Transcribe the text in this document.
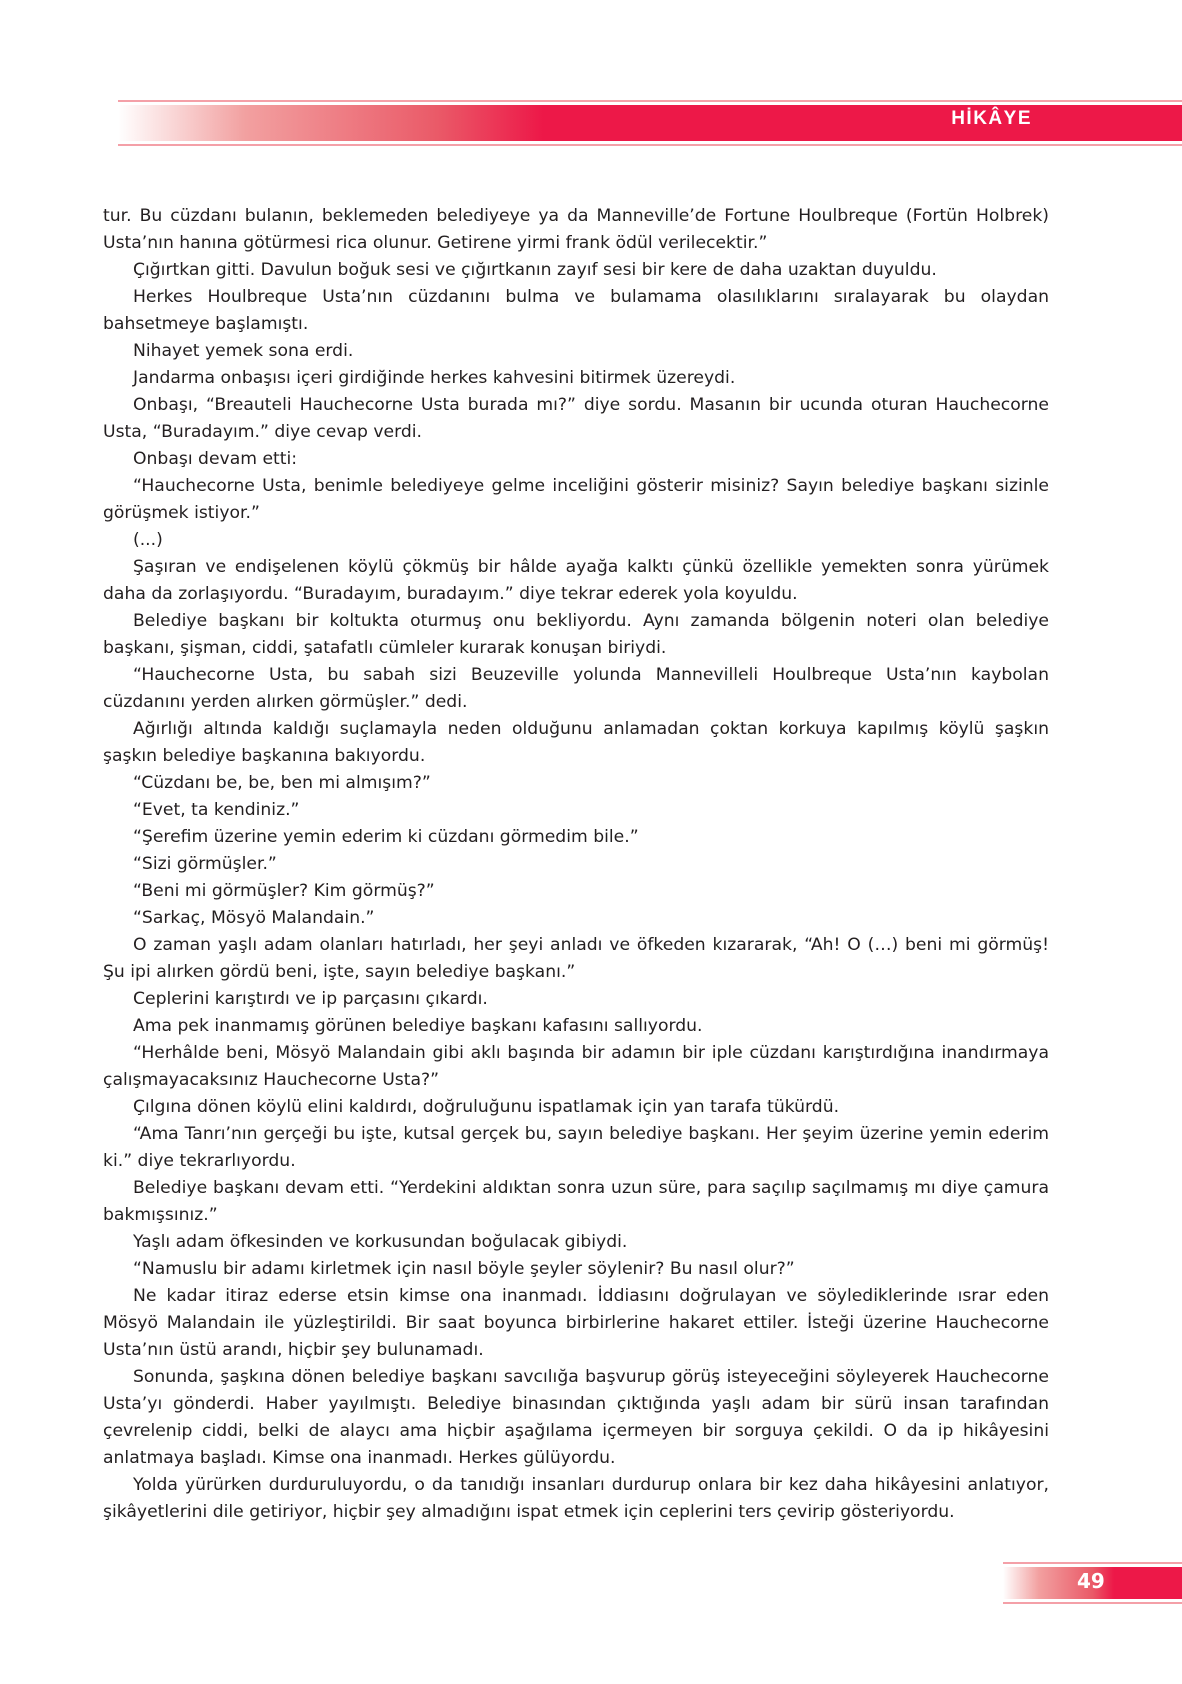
HİKÂYE

tur. Bu cüzdanı bulanın, beklemeden belediyeye ya da Manneville’de Fortune Houlbreque (Fortün Holbrek) Usta’nın hanına götürmesi rica olunur. Getirene yirmi frank ödül verilecektir.”

Çığırtkan gitti. Davulun boğuk sesi ve çığırtkanın zayıf sesi bir kere de daha uzaktan duyuldu.

Herkes Houlbreque Usta’nın cüzdanını bulma ve bulamama olasılıklarını sıralayarak bu olaydan bahsetmeye başlamıştı.

Nihayet yemek sona erdi.

Jandarma onbaşısı içeri girdiğinde herkes kahvesini bitirmek üzereydi.

Onbaşı, “Breauteli Hauchecorne Usta burada mı?” diye sordu. Masanın bir ucunda oturan Hauchecorne Usta, “Buradayım.” diye cevap verdi.

Onbaşı devam etti:

“Hauchecorne Usta, benimle belediyeye gelme inceliğini gösterir misiniz? Sayın belediye başkanı sizinle görüşmek istiyor.”

(...)

Şaşıran ve endişelenen köylü çökmüş bir hâlde ayağa kalktı çünkü özellikle yemekten sonra yürümek daha da zorlaşıyordu. “Buradayım, buradayım.” diye tekrar ederek yola koyuldu.

Belediye başkanı bir koltukta oturmuş onu bekliyordu. Aynı zamanda bölgenin noteri olan belediye başkanı, şişman, ciddi, şatafatlı cümleler kurarak konuşan biriydi.

“Hauchecorne Usta, bu sabah sizi Beuzeville yolunda Mannevilleli Houlbreque Usta’nın kaybolan cüzdanını yerden alırken görmüşler.” dedi.

Ağırlığı altında kaldığı suçlamayla neden olduğunu anlamadan çoktan korkuya kapılmış köylü şaşkın şaşkın belediye başkanına bakıyordu.

“Cüzdanı be, be, ben mi almışım?”

“Evet, ta kendiniz.”

“Şerefim üzerine yemin ederim ki cüzdanı görmedim bile.”

“Sizi görmüşler.”

“Beni mi görmüşler? Kim görmüş?”

“Sarkaç, Mösyö Malandain.”

O zaman yaşlı adam olanları hatırladı, her şeyi anladı ve öfkeden kızararak, “Ah! O (…) beni mi görmüş! Şu ipi alırken gördü beni, işte, sayın belediye başkanı.”

Ceplerini karıştırdı ve ip parçasını çıkardı.

Ama pek inanmamış görünen belediye başkanı kafasını sallıyordu.

“Herhâlde beni, Mösyö Malandain gibi aklı başında bir adamın bir iple cüzdanı karıştırdığına inandırmaya çalışmayacaksınız Hauchecorne Usta?”

Çılgına dönen köylü elini kaldırdı, doğruluğunu ispatlamak için yan tarafa tükürdü.

“Ama Tanrı’nın gerçeği bu işte, kutsal gerçek bu, sayın belediye başkanı. Her şeyim üzerine yemin ederim ki.” diye tekrarlıyordu.

Belediye başkanı devam etti. “Yerdekini aldıktan sonra uzun süre, para saçılıp saçılmamış mı diye çamura bakmışsınız.”

Yaşlı adam öfkesinden ve korkusundan boğulacak gibiydi.

“Namuslu bir adamı kirletmek için nasıl böyle şeyler söylenir? Bu nasıl olur?”

Ne kadar itiraz ederse etsin kimse ona inanmadı. İddiasını doğrulayan ve söylediklerinde ısrar eden Mösyö Malandain ile yüzleştirildi. Bir saat boyunca birbirlerine hakaret ettiler. İsteği üzerine Hauchecorne Usta’nın üstü arandı, hiçbir şey bulunamadı.

Sonunda, şaşkına dönen belediye başkanı savcılığa başvurup görüş isteyeceğini söyleyerek Hauchecorne Usta’yı gönderdi. Haber yayılmıştı. Belediye binasından çıktığında yaşlı adam bir sürü insan tarafından çevrelenip ciddi, belki de alaycı ama hiçbir aşağılama içermeyen bir sorguya çekildi. O da ip hikâyesini anlatmaya başladı. Kimse ona inanmadı. Herkes gülüyordu.

Yolda yürürken durduruluyordu, o da tanıdığı insanları durdurup onlara bir kez daha hikâyesini anlatıyor, şikâyetlerini dile getiriyor, hiçbir şey almadığını ispat etmek için ceplerini ters çevirip gösteriyordu.

49
